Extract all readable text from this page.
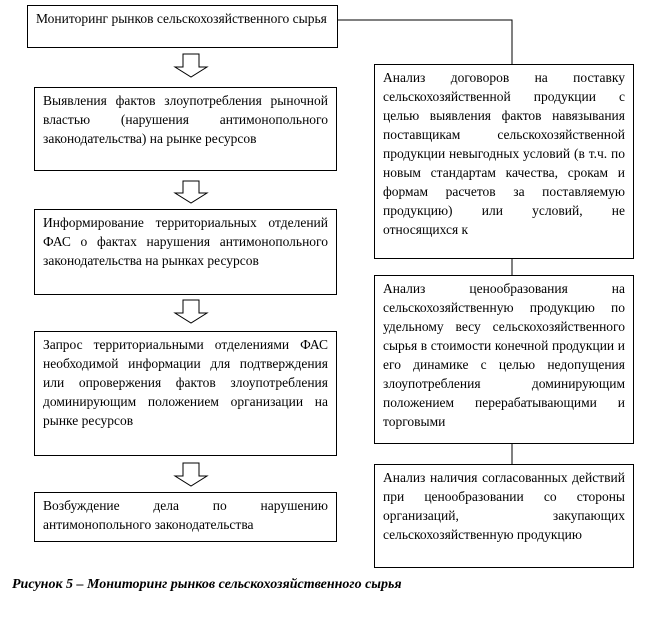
Мониторинг рынков сельскохозяйственного сырья

Выявления фактов злоупотребления рыночной властью (нарушения антимонопольного законодательства) на рынке ресурсов

Информирование территориальных отделений ФАС о фактах нарушения антимонопольного законодательства на рынках ресурсов

Запрос территориальными отделениями ФАС необходимой информации для подтверждения или опровержения фактов злоупотребления доминирующим положением организации на рынке ресурсов

Возбуждение дела по нарушению антимонопольного законодательства

Анализ договоров на поставку сельскохозяйственной продукции с целью выявления фактов навязывания поставщикам сельскохозяйственной продукции невыгодных условий (в т.ч. по новым стандартам качества, срокам и формам расчетов за поставляемую продукцию) или условий, не относящихся к

Анализ ценообразования на сельскохозяйственную продукцию по удельному весу сельскохозяйственного сырья в стоимости конечной продукции и его динамике с целью недопущения злоупотребления доминирующим положением перерабатывающими и торговыми

Анализ наличия согласованных действий при ценообразовании со стороны организаций, закупающих сельскохозяйственную продукцию

Рисунок 5 – Мониторинг рынков сельскохозяйственного сырья
